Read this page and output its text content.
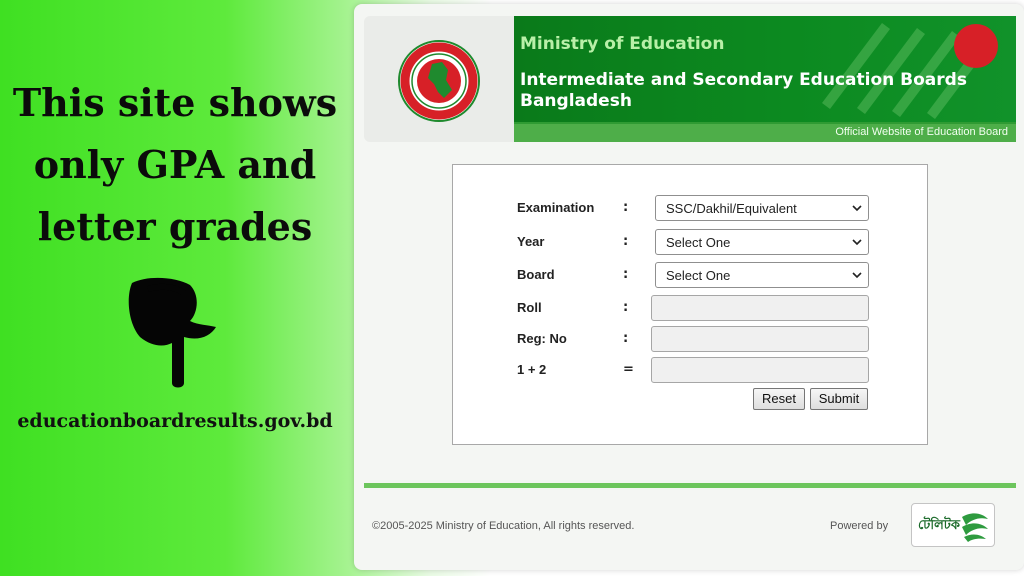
This site shows
only GPA and
letter grades
educationboardresults.gov.bd
Ministry of Education
Intermediate and Secondary Education Boards Bangladesh
Official Website of Education Board
Examination :	SSC/Dakhil/Equivalent
Year	:	Select One
Board	:	Select One
Roll	:
Reg: No	:
1 + 2	=
Reset	Submit
©2005-2025 Ministry of Education, All rights reserved.	Powered by টেলিটক
